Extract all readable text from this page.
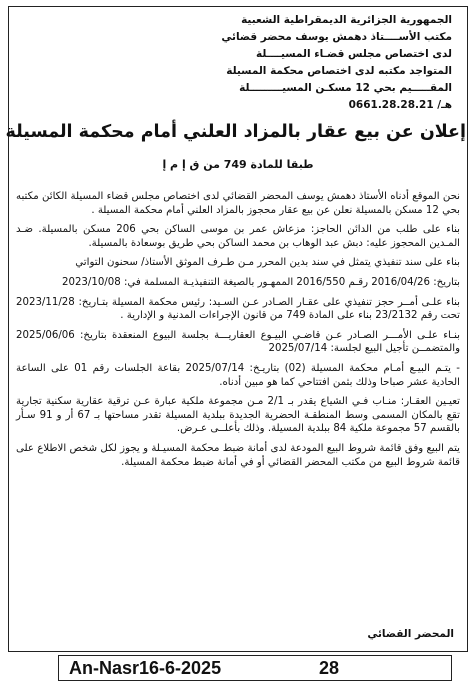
الجمهورية الجزائرية الديمقراطية الشعبية
مكتب الأســــتاذ دهمش يوسف محضر قضائي
لدى اختصاص مجلس قضـاء المسيــــلة
المتواجد مكتبه لدى اختصاص محكمة المسيلة
المقـــــيم بحي 12 مسكـن المسيـــــــــلة
هـ/ 0661.28.28.21
إعلان عن بيع عقار بالمزاد العلني أمام محكمة المسيلة
طبقا للمادة 749 من ق إ م إ

نحن الموقع أدناه الأستاذ دهمش يوسف المحضر القضائي لدى اختصاص مجلس قضاء المسيلة الكائن مكتبه بحي 12 مسكن بالمسيلة نعلن عن بيع عقار محجوز بالمزاد العلني أمام محكمة المسيلة .

بناء على طلب من الدائن الحاجز: مزعاش عمر بن موسى الساكن بحي 206 مسكن بالمسيلة. ضـد المـدين المحجوز عليه: دبش عبد الوهاب بن محمد الساكن بحي طريق بوسعادة بالمسيلة.

بناء على سند تنفيذي يتمثل في سند بدين المحرر مـن طـرف الموثق الأستاذ/ سحنون التواتي

بتاريخ: 2016/04/26 رقـم 2016/550 الممهـور بالصيغة التنفيذيـة المسلمة في: 2023/10/08

بناء علـى أمــر حجز تنفيذي على عقـار الصـادر عـن السـيد: رئيس محكمة المسيلة بتـاريخ: 2023/11/28 تحت رقم 23/2132 بناء على المادة 749 من قانون الإجراءات المدنية و الإدارية .

بنـاء علـى الأمـــر الصـادر عـن قاضـي البيـوع العقاريـــة بجلسة البيوع المنعقدة بتاريخ: 2025/06/06 والمتضمــن تأجيل البيع لجلسة: 2025/07/14

- يتـم البيـع أمـام محكمة المسيلة (02) بتاريـخ: 2025/07/14 بقاعة الجلسات رقم 01 على الساعة الحادية عشر صباحا وذلك بثمن افتتاحي كما هو مبين أدناه.

تعيـين العقـار: منـاب فـي الشياع يقدر بـ 2/1 مـن مجموعة ملكية عبارة عـن ترقية عقارية سكنية تجارية تقع بالمكان المسمى وسط المنطقـة الحضرية الجديدة ببلدية المسيلة تقدر مساحتها بـ 67 أر و 91 سـأر بالقسم 57 مجموعة ملكية 84 ببلدية المسيلة. وذلك بأعلــى عـرض.

يتم البيع وفق قائمة شروط البيع المودعة لدى أمانة ضبط محكمة المسيـلة و يجوز لكل شخص الاطلاع على قائمة شروط البيع من مكتب المحضر القضائي أو في أمانة ضبط محكمة المسيلة.

المحضر القضائي
An-Nasr16-6-2025	28
